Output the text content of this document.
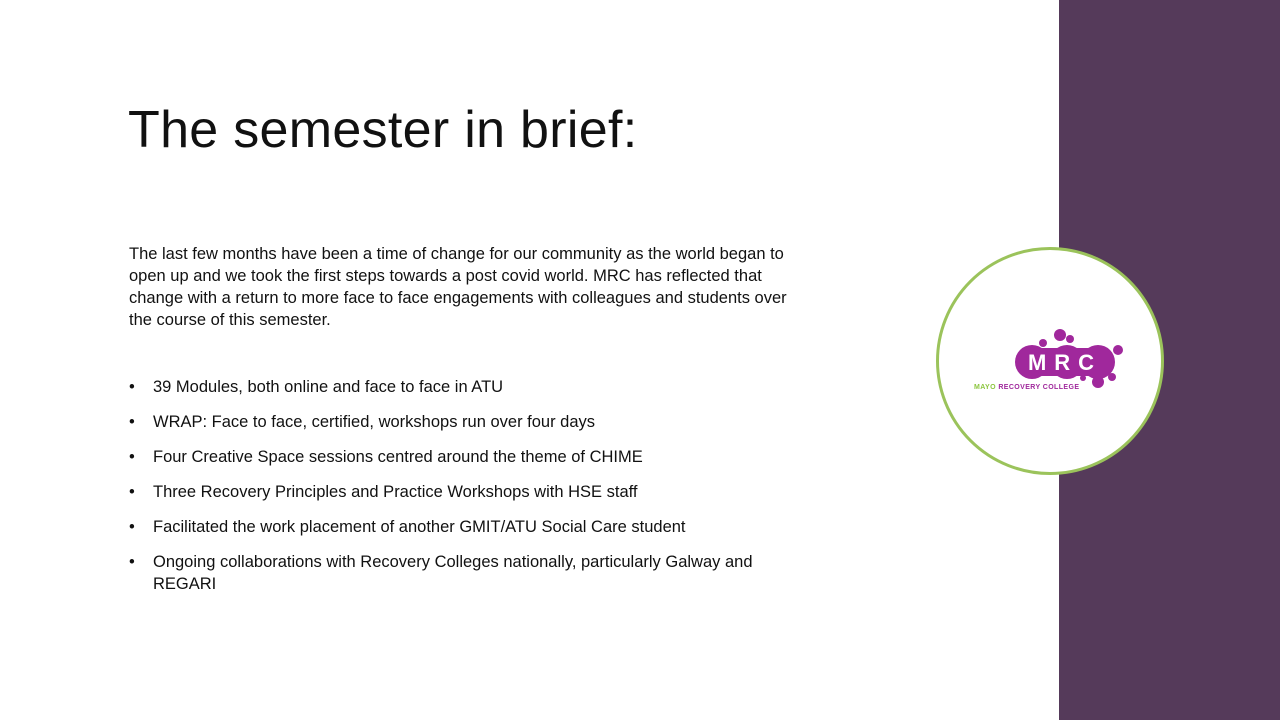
The semester in brief:

The last few months have been a time of change for our community as the world began to open up and we took the first steps towards a post covid world. MRC has reflected that change with a return to more face to face engagements with colleagues and students over the course of this semester.

• 39 Modules, both online and face to face in ATU
• WRAP: Face to face, certified, workshops run over four days
• Four Creative Space sessions centred around the theme of CHIME
• Three Recovery Principles and Practice Workshops with HSE staff
• Facilitated the work placement of another GMIT/ATU Social Care student
• Ongoing collaborations with Recovery Colleges nationally, particularly Galway and REGARI
MRC
MAYO RECOVERY COLLEGE
